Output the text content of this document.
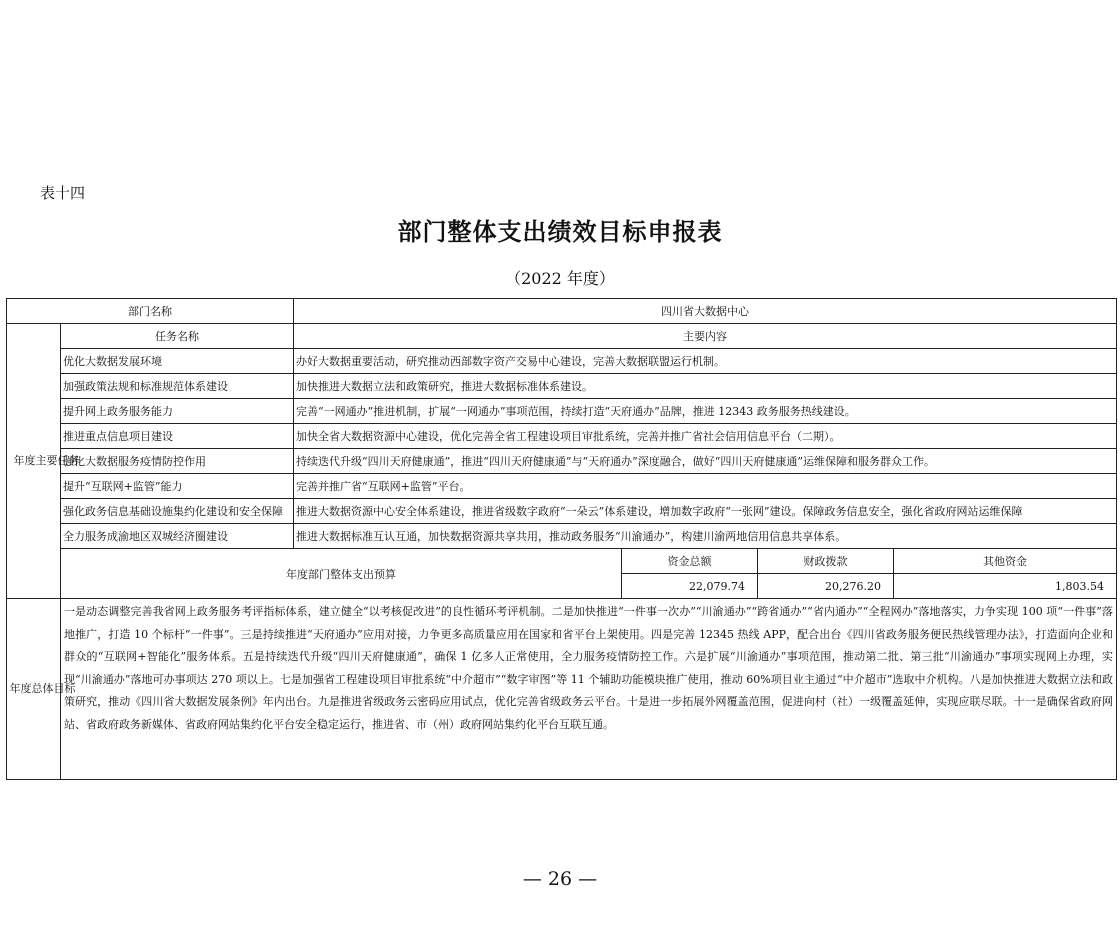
表十四
部门整体支出绩效目标申报表
（2022 年度）
部门名称		四川省大数据中心			

年度主要任务	任务名称	主要内容			
	优化大数据发展环境	办好大数据重要活动，研究推动西部数字资产交易中心建设，完善大数据联盟运行机制。			
	加强政策法规和标准规范体系建设	加快推进大数据立法和政策研究，推进大数据标准体系建设。			
	提升网上政务服务能力	完善“一网通办”推进机制，扩展“一网通办”事项范围，持续打造“天府通办”品牌，推进 12343 政务服务热线建设。			
	推进重点信息项目建设	加快全省大数据资源中心建设，优化完善全省工程建设项目审批系统，完善并推广省社会信用信息平台（二期）。			
	强化大数据服务疫情防控作用	持续迭代升级“四川天府健康通”，推进“四川天府健康通”与“天府通办”深度融合，做好“四川天府健康通”运维保障和服务群众工作。			
	提升“互联网+监管”能力	完善并推广省“互联网+监管”平台。			
	强化政务信息基础设施集约化建设和安全保障	推进大数据资源中心安全体系建设，推进省级数字政府“一朵云”体系建设，增加数字政府“一张网”建设。保障政务信息安全，强化省政府网站运维保障			
	全力服务成渝地区双城经济圈建设	推进大数据标准互认互通，加快数据资源共享共用，推动政务服务“川渝通办”，构建川渝两地信用信息共享体系。			
	年度部门整体支出预算		资金总额	财政拨款	其他资金
			22,079.74	20,276.20	1,803.54

年度总体目标	一是动态调整完善我省网上政务服务考评指标体系，建立健全“以考核促改进”的良性循环考评机制。二是加快推进“一件事一次办”“川渝通办”“跨省通办”“省内通办”“全程网办”落地落实，力争实现 100 项“一件事”落地推广，打造 10 个标杆“一件事”。三是持续推进“天府通办”应用对接，力争更多高质量应用在国家和省平台上架使用。四是完善 12345 热线 APP，配合出台《四川省政务服务便民热线管理办法》，打造面向企业和群众的“互联网+智能化”服务体系。五是持续迭代升级“四川天府健康通”，确保 1 亿多人正常使用，全力服务疫情防控工作。六是扩展“川渝通办”事项范围，推动第二批、第三批“川渝通办”事项实现网上办理，实现“川渝通办”落地可办事项达 270 项以上。七是加强省工程建设项目审批系统“中介超市”“数字审图”等 11 个辅助功能模块推广使用，推动 60%项目业主通过“中介超市”选取中介机构。八是加快推进大数据立法和政策研究，推动《四川省大数据发展条例》年内出台。九是推进省级政务云密码应用试点，优化完善省级政务云平台。十是进一步拓展外网覆盖范围，促进向村（社）一级覆盖延伸，实现应联尽联。十一是确保省政府网站、省政府政务新媒体、省政府网站集约化平台安全稳定运行，推进省、市（州）政府网站集约化平台互联互通。				
— 26 —
